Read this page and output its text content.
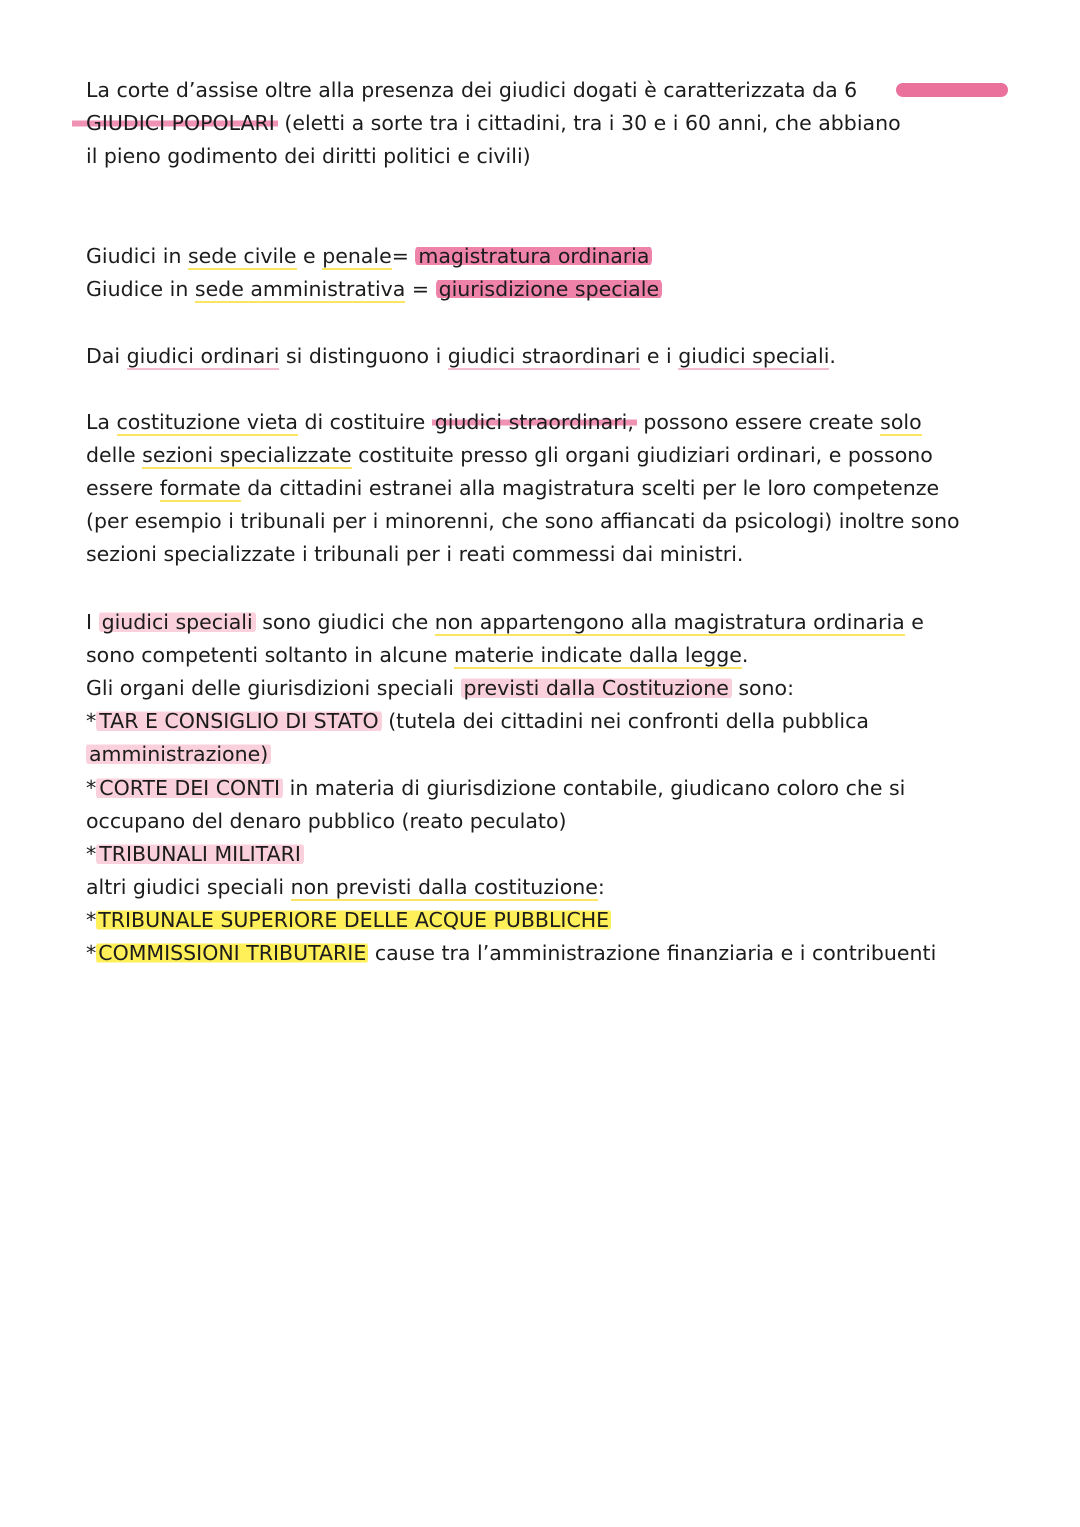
La corte d’assise oltre alla presenza dei giudici dogati è caratterizzata da 6
GIUDICI POPOLARI (eletti a sorte tra i cittadini, tra i 30 e i 60 anni, che abbiano
il pieno godimento dei diritti politici e civili)
Giudici in sede civile e penale= magistratura ordinaria
Giudice in sede amministrativa = giurisdizione speciale
Dai giudici ordinari si distinguono i giudici straordinari e i giudici speciali.
La costituzione vieta di costituire giudici straordinari, possono essere create solo
delle sezioni specializzate costituite presso gli organi giudiziari ordinari, e possono
essere formate da cittadini estranei alla magistratura scelti per le loro competenze
(per esempio i tribunali per i minorenni, che sono affiancati da psicologi) inoltre sono
sezioni specializzate i tribunali per i reati commessi dai ministri.
I giudici speciali sono giudici che non appartengono alla magistratura ordinaria e
sono competenti soltanto in alcune materie indicate dalla legge.
Gli organi delle giurisdizioni speciali previsti dalla Costituzione sono:
* TAR E CONSIGLIO DI STATO (tutela dei cittadini nei confronti della pubblica
amministrazione)
* CORTE DEI CONTI in materia di giurisdizione contabile, giudicano coloro che si
occupano del denaro pubblico (reato peculato)
* TRIBUNALI MILITARI
altri giudici speciali non previsti dalla costituzione:
*TRIBUNALE SUPERIORE DELLE ACQUE PUBBLICHE
*COMMISSIONI TRIBUTARIE cause tra l’amministrazione finanziaria e i contribuenti
